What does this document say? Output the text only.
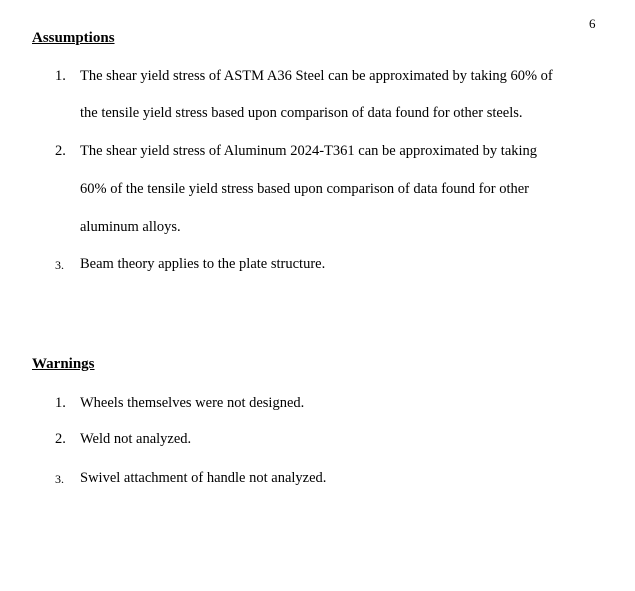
6
Assumptions
1. The shear yield stress of ASTM A36 Steel can be approximated by taking 60% of
the tensile yield stress based upon comparison of data found for other steels.
2. The shear yield stress of Aluminum 2024-T361 can be approximated by taking
60% of the tensile yield stress based upon comparison of data found for other
aluminum alloys.
3.	Beam theory applies to the plate structure.
Warnings
1. Wheels themselves were not designed.
2. Weld not analyzed.
3.	Swivel attachment of handle not analyzed.
